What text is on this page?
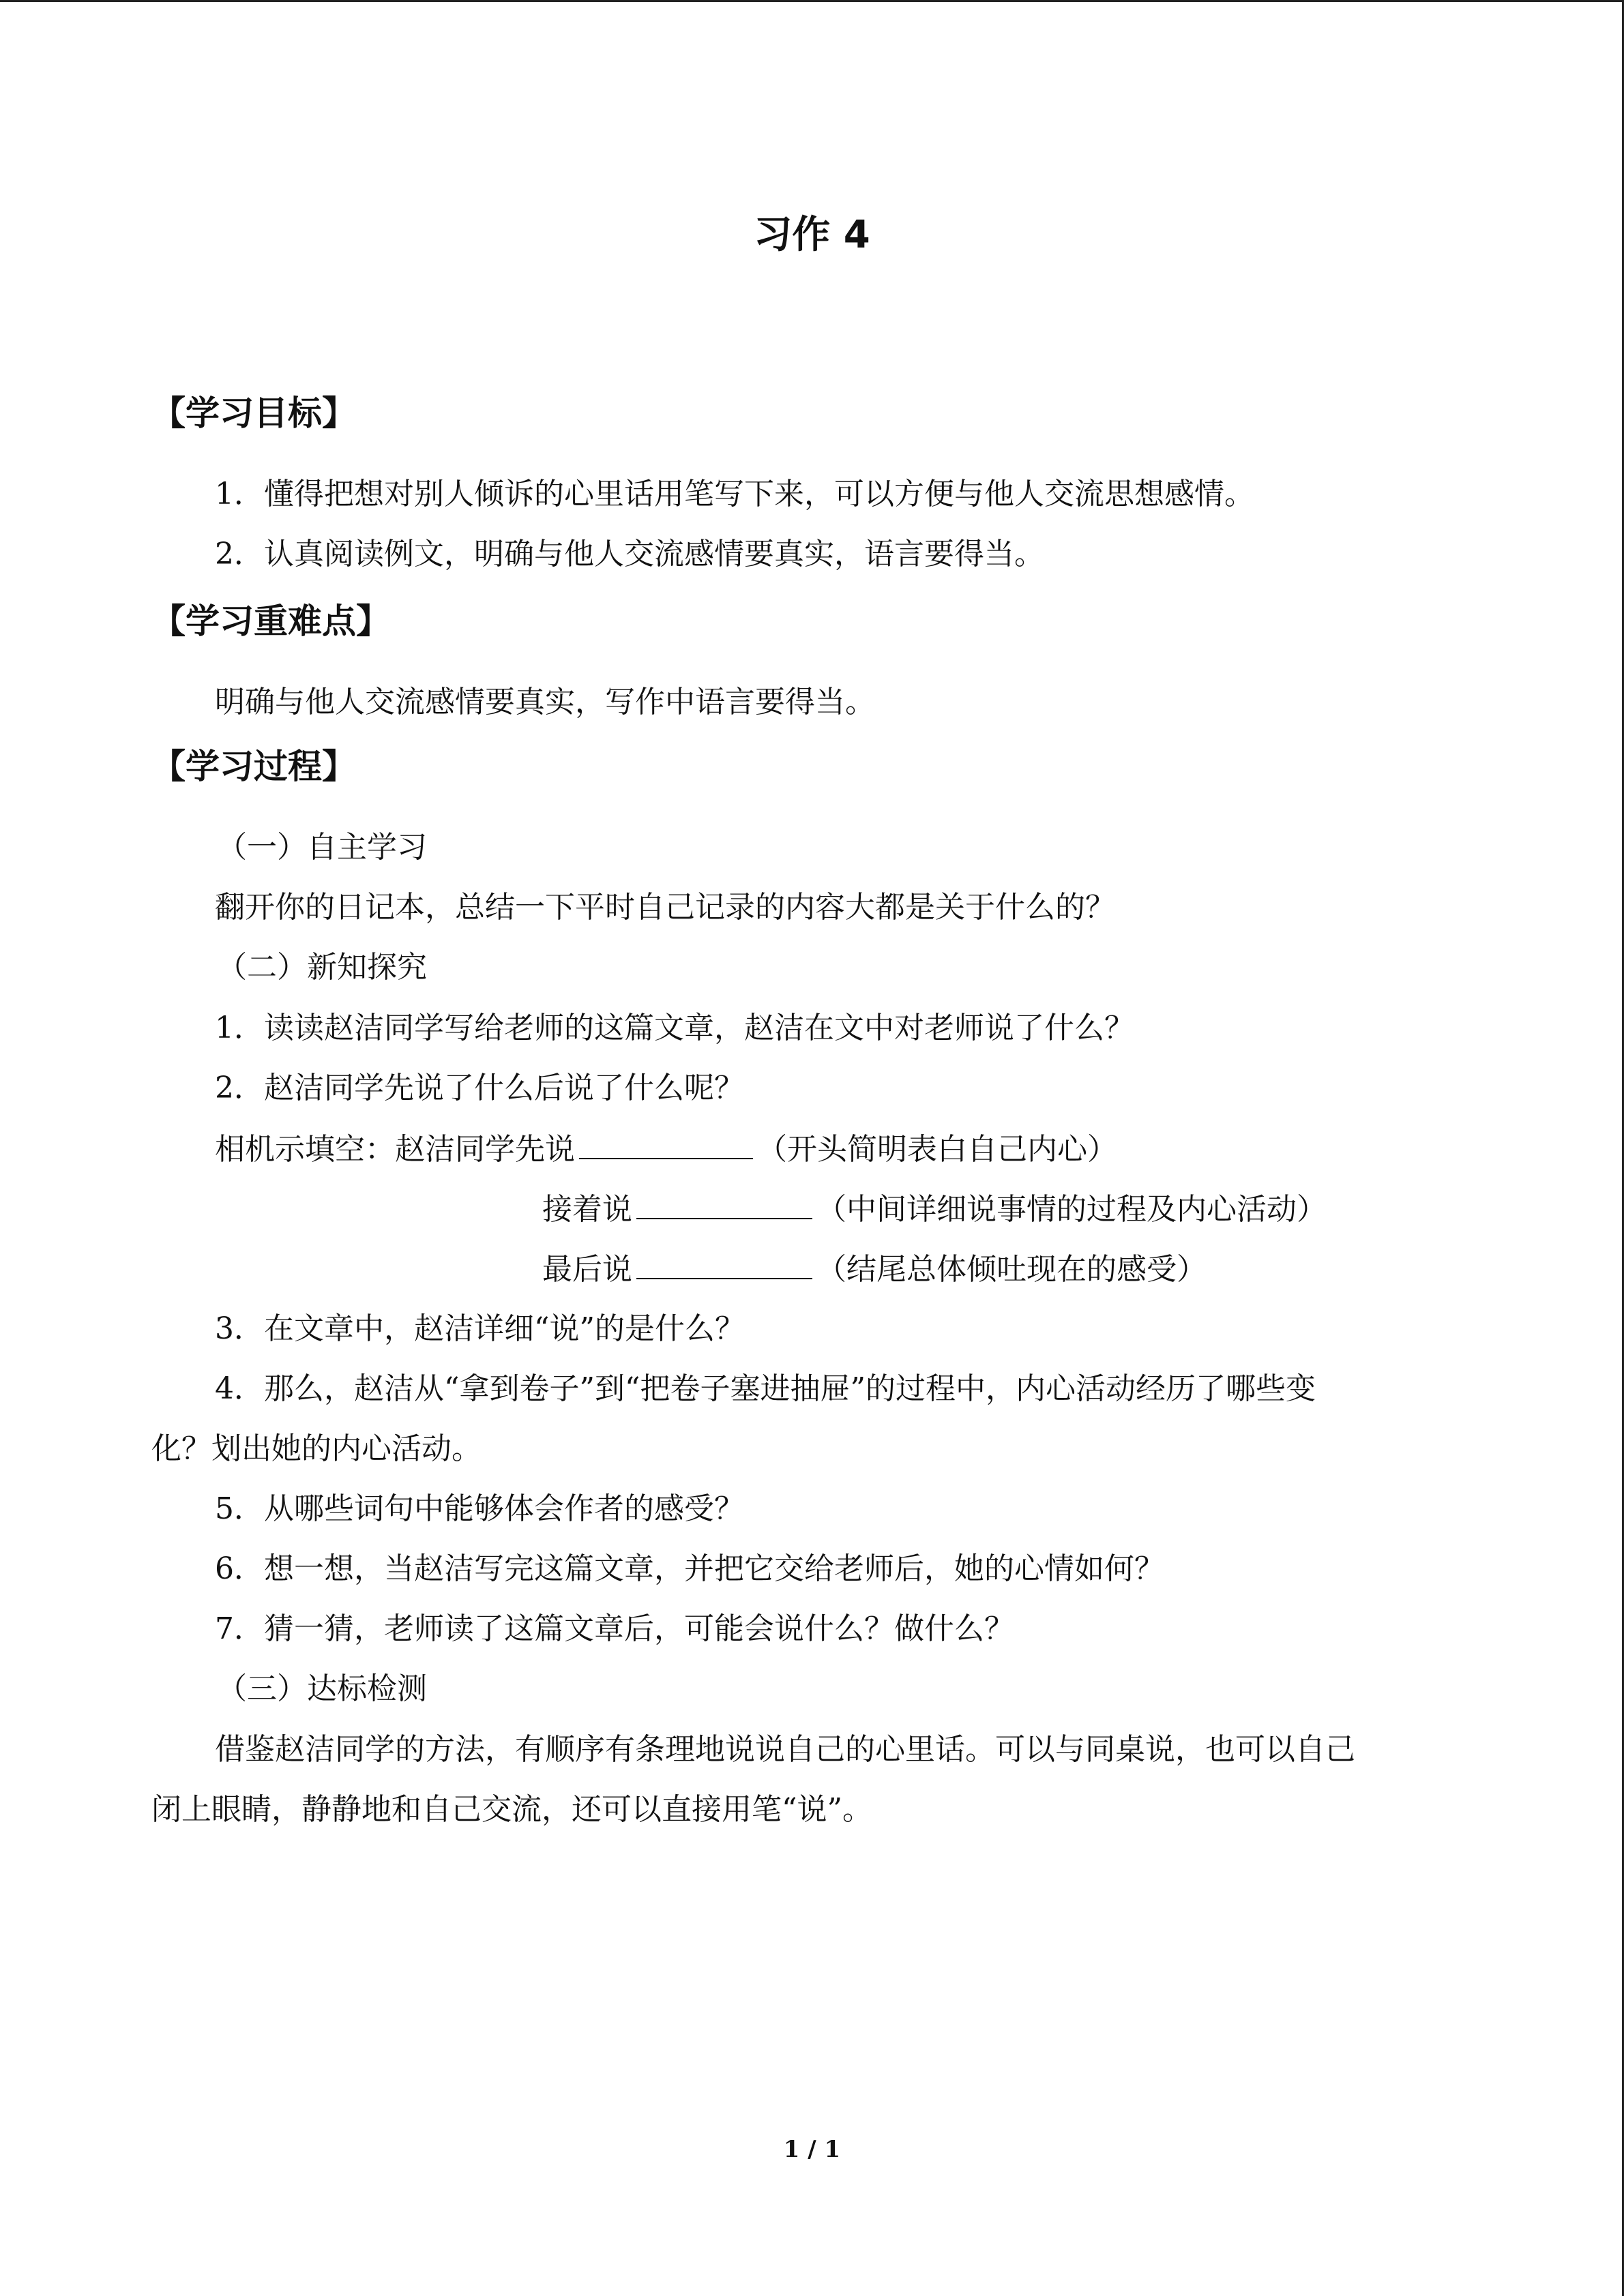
习作 4
【学习目标】
1．懂得把想对别人倾诉的心里话用笔写下来，可以方便与他人交流思想感情。
2．认真阅读例文，明确与他人交流感情要真实，语言要得当。
【学习重难点】
明确与他人交流感情要真实，写作中语言要得当。
【学习过程】
（一）自主学习
翻开你的日记本，总结一下平时自己记录的内容大都是关于什么的？
（二）新知探究
1．读读赵洁同学写给老师的这篇文章，赵洁在文中对老师说了什么？
2．赵洁同学先说了什么后说了什么呢？
相机示填空：赵洁同学先说	（开头简明表白自己内心）
接着说	（中间详细说事情的过程及内心活动）
最后说	（结尾总体倾吐现在的感受）
3．在文章中，赵洁详细“说”的是什么？
4．那么，赵洁从“拿到卷子”到“把卷子塞进抽屉”的过程中，内心活动经历了哪些变
化？划出她的内心活动。
5．从哪些词句中能够体会作者的感受？
6．想一想，当赵洁写完这篇文章，并把它交给老师后，她的心情如何？
7．猜一猜，老师读了这篇文章后，可能会说什么？做什么？
（三）达标检测
借鉴赵洁同学的方法，有顺序有条理地说说自己的心里话。可以与同桌说，也可以自己
闭上眼睛，静静地和自己交流，还可以直接用笔“说”。
1 / 1
